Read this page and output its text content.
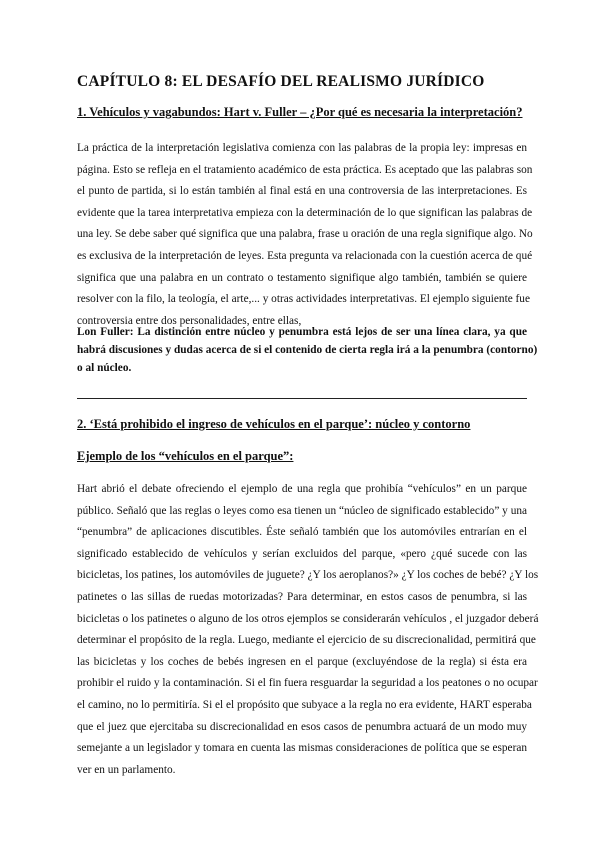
CAPÍTULO 8: EL DESAFÍO DEL REALISMO JURÍDICO
1. Vehículos y vagabundos: Hart v. Fuller – ¿Por qué es necesaria la interpretación?
La práctica de la interpretación legislativa comienza con las palabras de la propia ley: impresas en
página. Esto se refleja en el tratamiento académico de esta práctica. Es aceptado que las palabras son
el punto de partida, si lo están también al final está en una controversia de las interpretaciones. Es
evidente que la tarea interpretativa empieza con la determinación de lo que significan las palabras de
una ley. Se debe saber qué significa que una palabra, frase u oración de una regla signifique algo. No
es exclusiva de la interpretación de leyes. Esta pregunta va relacionada con la cuestión acerca de qué
significa que una palabra en un contrato o testamento signifique algo también, también se quiere
resolver con la filo, la teología, el arte,... y otras actividades interpretativas. El ejemplo siguiente fue
controversia entre dos personalidades, entre ellas,
Lon Fuller: La distinción entre núcleo y penumbra está lejos de ser una línea clara, ya que
habrá discusiones y dudas acerca de si el contenido de cierta regla irá a la penumbra (contorno)
o al núcleo.
2. ‘Está prohibido el ingreso de vehículos en el parque’: núcleo y contorno
Ejemplo de los “vehículos en el parque”:
Hart abrió el debate ofreciendo el ejemplo de una regla que prohibía “vehículos” en un parque
público. Señaló que las reglas o leyes como esa tienen un “núcleo de significado establecido” y una
“penumbra” de aplicaciones discutibles. Éste señaló también que los automóviles entrarían en el
significado establecido de vehículos y serían excluidos del parque, «pero ¿qué sucede con las
bicicletas, los patines, los automóviles de juguete? ¿Y los aeroplanos?» ¿Y los coches de bebé? ¿Y los
patinetes o las sillas de ruedas motorizadas? Para determinar, en estos casos de penumbra, si las
bicicletas o los patinetes o alguno de los otros ejemplos se considerarán vehículos , el juzgador deberá
determinar el propósito de la regla. Luego, mediante el ejercicio de su discrecionalidad, permitirá que
las bicicletas y los coches de bebés ingresen en el parque (excluyéndose de la regla) si ésta era
prohibir el ruido y la contaminación. Si el fin fuera resguardar la seguridad a los peatones o no ocupar
el camino, no lo permitiría. Si el el propósito que subyace a la regla no era evidente, HART esperaba
que el juez que ejercitaba su discrecionalidad en esos casos de penumbra actuará de un modo muy
semejante a un legislador y tomara en cuenta las mismas consideraciones de política que se esperan
ver en un parlamento.
